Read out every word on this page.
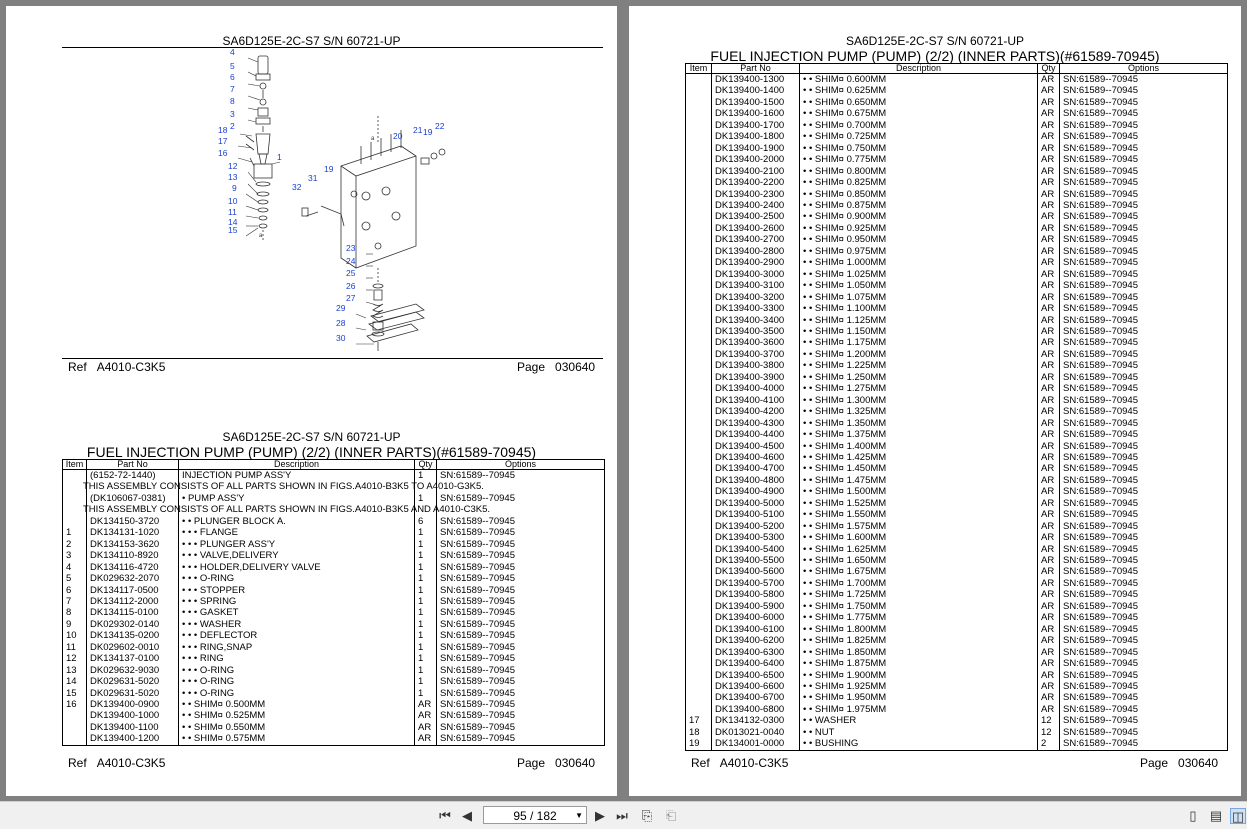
SA6D125E-2C-S7 S/N 60721-UP
4
5
6
7
8
3
2
18
17
16	1
12
13
9
10
11
14
15
a
19
32
31
a 20
21 19
22
23
24
25
26
27
29
28
30
Ref A4010-C3K5	Page 030640
SA6D125E-2C-S7 S/N 60721-UP
FUEL INJECTION PUMP (PUMP) (2/2) (INNER PARTS)(#61589-70945)
Item	Part No	Description	Qty	Options
	(6152-72-1440)	INJECTION PUMP ASS'Y	1	SN:61589--70945

	THIS ASSEMBLY CONSISTS OF ALL PARTS SHOWN IN FIGS.A4010-B3K5 TO A4010-G3K5.			

	(DK106067-0381)	• PUMP ASS'Y	1	SN:61589--70945

	THIS ASSEMBLY CONSISTS OF ALL PARTS SHOWN IN FIGS.A4010-B3K5 AND A4010-C3K5.			

	DK134150-3720	• • PLUNGER BLOCK A.	6	SN:61589--70945
1	DK134131-1020	• • • FLANGE	1	SN:61589--70945
2	DK134153-3620	• • • PLUNGER ASS'Y	1	SN:61589--70945
3	DK134110-8920	• • • VALVE,DELIVERY	1	SN:61589--70945
4	DK134116-4720	• • • HOLDER,DELIVERY VALVE	1	SN:61589--70945
5	DK029632-2070	• • • O-RING	1	SN:61589--70945
6	DK134117-0500	• • • STOPPER	1	SN:61589--70945
7	DK134112-2000	• • • SPRING	1	SN:61589--70945
8	DK134115-0100	• • • GASKET	1	SN:61589--70945
9	DK029302-0140	• • • WASHER	1	SN:61589--70945
10	DK134135-0200	• • • DEFLECTOR	1	SN:61589--70945
11	DK029602-0010	• • • RING,SNAP	1	SN:61589--70945
12	DK134137-0100	• • • RING	1	SN:61589--70945
13	DK029632-9030	• • • O-RING	1	SN:61589--70945
14	DK029631-5020	• • • O-RING	1	SN:61589--70945
15	DK029631-5020	• • • O-RING	1	SN:61589--70945
16	DK139400-0900	• • SHIM¤ 0.500MM	AR	SN:61589--70945
	DK139400-1000	• • SHIM¤ 0.525MM	AR	SN:61589--70945
	DK139400-1100	• • SHIM¤ 0.550MM	AR	SN:61589--70945
	DK139400-1200	• • SHIM¤ 0.575MM	AR	SN:61589--70945
Ref A4010-C3K5	Page 030640
SA6D125E-2C-S7 S/N 60721-UP
FUEL INJECTION PUMP (PUMP) (2/2) (INNER PARTS)(#61589-70945)
Item	Part No	Description	Qty	Options
	DK139400-1300	• • SHIM¤ 0.600MM	AR	SN:61589--70945
	DK139400-1400	• • SHIM¤ 0.625MM	AR	SN:61589--70945
	DK139400-1500	• • SHIM¤ 0.650MM	AR	SN:61589--70945
	DK139400-1600	• • SHIM¤ 0.675MM	AR	SN:61589--70945
	DK139400-1700	• • SHIM¤ 0.700MM	AR	SN:61589--70945
	DK139400-1800	• • SHIM¤ 0.725MM	AR	SN:61589--70945
	DK139400-1900	• • SHIM¤ 0.750MM	AR	SN:61589--70945
	DK139400-2000	• • SHIM¤ 0.775MM	AR	SN:61589--70945
	DK139400-2100	• • SHIM¤ 0.800MM	AR	SN:61589--70945
	DK139400-2200	• • SHIM¤ 0.825MM	AR	SN:61589--70945
	DK139400-2300	• • SHIM¤ 0.850MM	AR	SN:61589--70945
	DK139400-2400	• • SHIM¤ 0.875MM	AR	SN:61589--70945
	DK139400-2500	• • SHIM¤ 0.900MM	AR	SN:61589--70945
	DK139400-2600	• • SHIM¤ 0.925MM	AR	SN:61589--70945
	DK139400-2700	• • SHIM¤ 0.950MM	AR	SN:61589--70945
	DK139400-2800	• • SHIM¤ 0.975MM	AR	SN:61589--70945
	DK139400-2900	• • SHIM¤ 1.000MM	AR	SN:61589--70945
	DK139400-3000	• • SHIM¤ 1.025MM	AR	SN:61589--70945
	DK139400-3100	• • SHIM¤ 1.050MM	AR	SN:61589--70945
	DK139400-3200	• • SHIM¤ 1.075MM	AR	SN:61589--70945
	DK139400-3300	• • SHIM¤ 1.100MM	AR	SN:61589--70945
	DK139400-3400	• • SHIM¤ 1.125MM	AR	SN:61589--70945
	DK139400-3500	• • SHIM¤ 1.150MM	AR	SN:61589--70945
	DK139400-3600	• • SHIM¤ 1.175MM	AR	SN:61589--70945
	DK139400-3700	• • SHIM¤ 1.200MM	AR	SN:61589--70945
	DK139400-3800	• • SHIM¤ 1.225MM	AR	SN:61589--70945
	DK139400-3900	• • SHIM¤ 1.250MM	AR	SN:61589--70945
	DK139400-4000	• • SHIM¤ 1.275MM	AR	SN:61589--70945
	DK139400-4100	• • SHIM¤ 1.300MM	AR	SN:61589--70945
	DK139400-4200	• • SHIM¤ 1.325MM	AR	SN:61589--70945
	DK139400-4300	• • SHIM¤ 1.350MM	AR	SN:61589--70945
	DK139400-4400	• • SHIM¤ 1.375MM	AR	SN:61589--70945
	DK139400-4500	• • SHIM¤ 1.400MM	AR	SN:61589--70945
	DK139400-4600	• • SHIM¤ 1.425MM	AR	SN:61589--70945
	DK139400-4700	• • SHIM¤ 1.450MM	AR	SN:61589--70945
	DK139400-4800	• • SHIM¤ 1.475MM	AR	SN:61589--70945
	DK139400-4900	• • SHIM¤ 1.500MM	AR	SN:61589--70945
	DK139400-5000	• • SHIM¤ 1.525MM	AR	SN:61589--70945
	DK139400-5100	• • SHIM¤ 1.550MM	AR	SN:61589--70945
	DK139400-5200	• • SHIM¤ 1.575MM	AR	SN:61589--70945
	DK139400-5300	• • SHIM¤ 1.600MM	AR	SN:61589--70945
	DK139400-5400	• • SHIM¤ 1.625MM	AR	SN:61589--70945
	DK139400-5500	• • SHIM¤ 1.650MM	AR	SN:61589--70945
	DK139400-5600	• • SHIM¤ 1.675MM	AR	SN:61589--70945
	DK139400-5700	• • SHIM¤ 1.700MM	AR	SN:61589--70945
	DK139400-5800	• • SHIM¤ 1.725MM	AR	SN:61589--70945
	DK139400-5900	• • SHIM¤ 1.750MM	AR	SN:61589--70945
	DK139400-6000	• • SHIM¤ 1.775MM	AR	SN:61589--70945
	DK139400-6100	• • SHIM¤ 1.800MM	AR	SN:61589--70945
	DK139400-6200	• • SHIM¤ 1.825MM	AR	SN:61589--70945
	DK139400-6300	• • SHIM¤ 1.850MM	AR	SN:61589--70945
	DK139400-6400	• • SHIM¤ 1.875MM	AR	SN:61589--70945
	DK139400-6500	• • SHIM¤ 1.900MM	AR	SN:61589--70945
	DK139400-6600	• • SHIM¤ 1.925MM	AR	SN:61589--70945
	DK139400-6700	• • SHIM¤ 1.950MM	AR	SN:61589--70945
	DK139400-6800	• • SHIM¤ 1.975MM	AR	SN:61589--70945
17	DK134132-0300	• • WASHER	12	SN:61589--70945
18	DK013021-0040	• • NUT	12	SN:61589--70945
19	DK134001-0000	• • BUSHING	2	SN:61589--70945
Ref A4010-C3K5	Page 030640
⏮ ◀	95 / 182 ▼ ▶ ⏭ ⎘ ⎗	▯	▤ ◫
